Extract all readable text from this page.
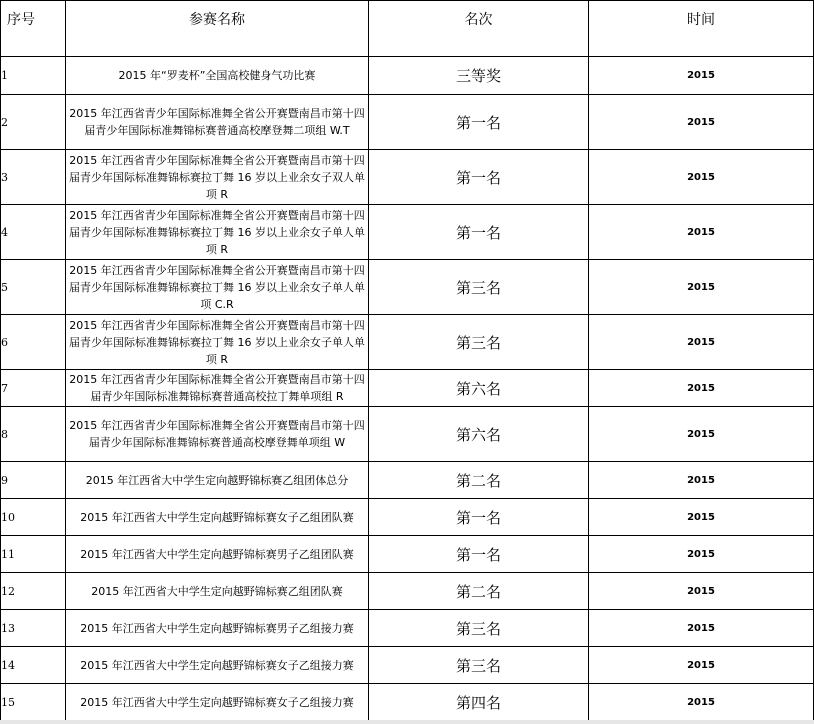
序号	参赛名称	名次	时间
1	2015 年“罗麦杯”全国高校健身气功比赛	三等奖	2015
2	2015 年江西省青少年国际标准舞全省公开赛暨南昌市第十四届青少年国际标准舞锦标赛普通高校摩登舞二项组 W.T	第一名	2015
3	2015 年江西省青少年国际标准舞全省公开赛暨南昌市第十四届青少年国际标准舞锦标赛拉丁舞 16 岁以上业余女子双人单项 R	第一名	2015
4	2015 年江西省青少年国际标准舞全省公开赛暨南昌市第十四届青少年国际标准舞锦标赛拉丁舞 16 岁以上业余女子单人单项 R	第一名	2015
5	2015 年江西省青少年国际标准舞全省公开赛暨南昌市第十四届青少年国际标准舞锦标赛拉丁舞 16 岁以上业余女子单人单项 C.R	第三名	2015
6	2015 年江西省青少年国际标准舞全省公开赛暨南昌市第十四届青少年国际标准舞锦标赛拉丁舞 16 岁以上业余女子单人单项 R	第三名	2015
7	2015 年江西省青少年国际标准舞全省公开赛暨南昌市第十四届青少年国际标准舞锦标赛普通高校拉丁舞单项组 R	第六名	2015
8	2015 年江西省青少年国际标准舞全省公开赛暨南昌市第十四届青少年国际标准舞锦标赛普通高校摩登舞单项组 W	第六名	2015
9	2015 年江西省大中学生定向越野锦标赛乙组团体总分	第二名	2015
10	2015 年江西省大中学生定向越野锦标赛女子乙组团队赛	第一名	2015
11	2015 年江西省大中学生定向越野锦标赛男子乙组团队赛	第一名	2015
12	2015 年江西省大中学生定向越野锦标赛乙组团队赛	第二名	2015
13	2015 年江西省大中学生定向越野锦标赛男子乙组接力赛	第三名	2015
14	2015 年江西省大中学生定向越野锦标赛女子乙组接力赛	第三名	2015
15	2015 年江西省大中学生定向越野锦标赛女子乙组接力赛	第四名	2015
